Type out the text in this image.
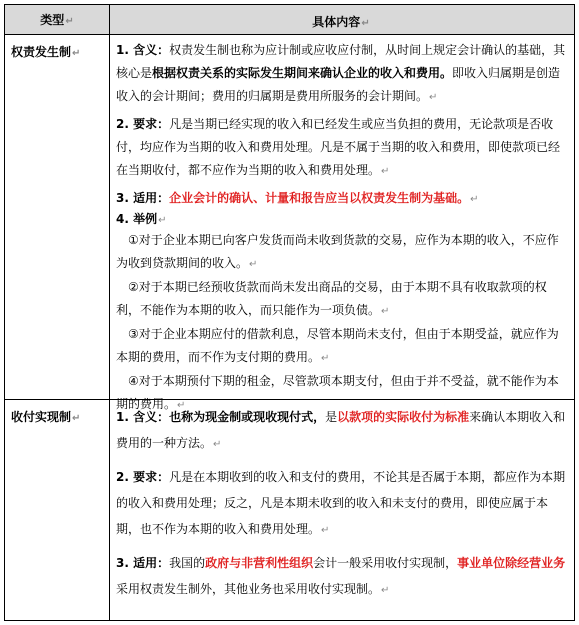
类型↵	具体内容↵
权责发生制↵	1. 含义：权责发生制也称为应计制或应收应付制，从时间上规定会计确认的基础，其核心是根据权责关系的实际发生期间来确认企业的收入和费用。即收入归属期是创造收入的会计期间；费用的归属期是费用所服务的会计期间。↵

2. 要求：凡是当期已经实现的收入和已经发生或应当负担的费用，无论款项是否收付，均应作为当期的收入和费用处理。凡是不属于当期的收入和费用，即使款项已经在当期收付，都不应作为当期的收入和费用处理。↵

3. 适用：企业会计的确认、计量和报告应当以权责发生制为基础。↵

4. 举例↵

①对于企业本期已向客户发货而尚未收到货款的交易，应作为本期的收入，不应作为收到贷款期间的收入。↵

②对于本期已经预收货款而尚未发出商品的交易，由于本期不具有收取款项的权利，不能作为本期的收入，而只能作为一项负债。↵

③对于企业本期应付的借款利息，尽管本期尚未支付，但由于本期受益，就应作为本期的费用，而不作为支付期的费用。↵

④对于本期预付下期的租金，尽管款项本期支付，但由于并不受益，就不能作为本期的费用。↵

收付实现制↵	1. 含义：也称为现金制或现收现付式，是以款项的实际收付为标准来确认本期收入和费用的一种方法。↵

2. 要求：凡是在本期收到的收入和支付的费用，不论其是否属于本期，都应作为本期的收入和费用处理；反之，凡是本期未收到的收入和未支付的费用，即使应属于本期，也不作为本期的收入和费用处理。↵

3. 适用：我国的政府与非营利性组织会计一般采用收付实现制，事业单位除经营业务采用权责发生制外，其他业务也采用收付实现制。↵
